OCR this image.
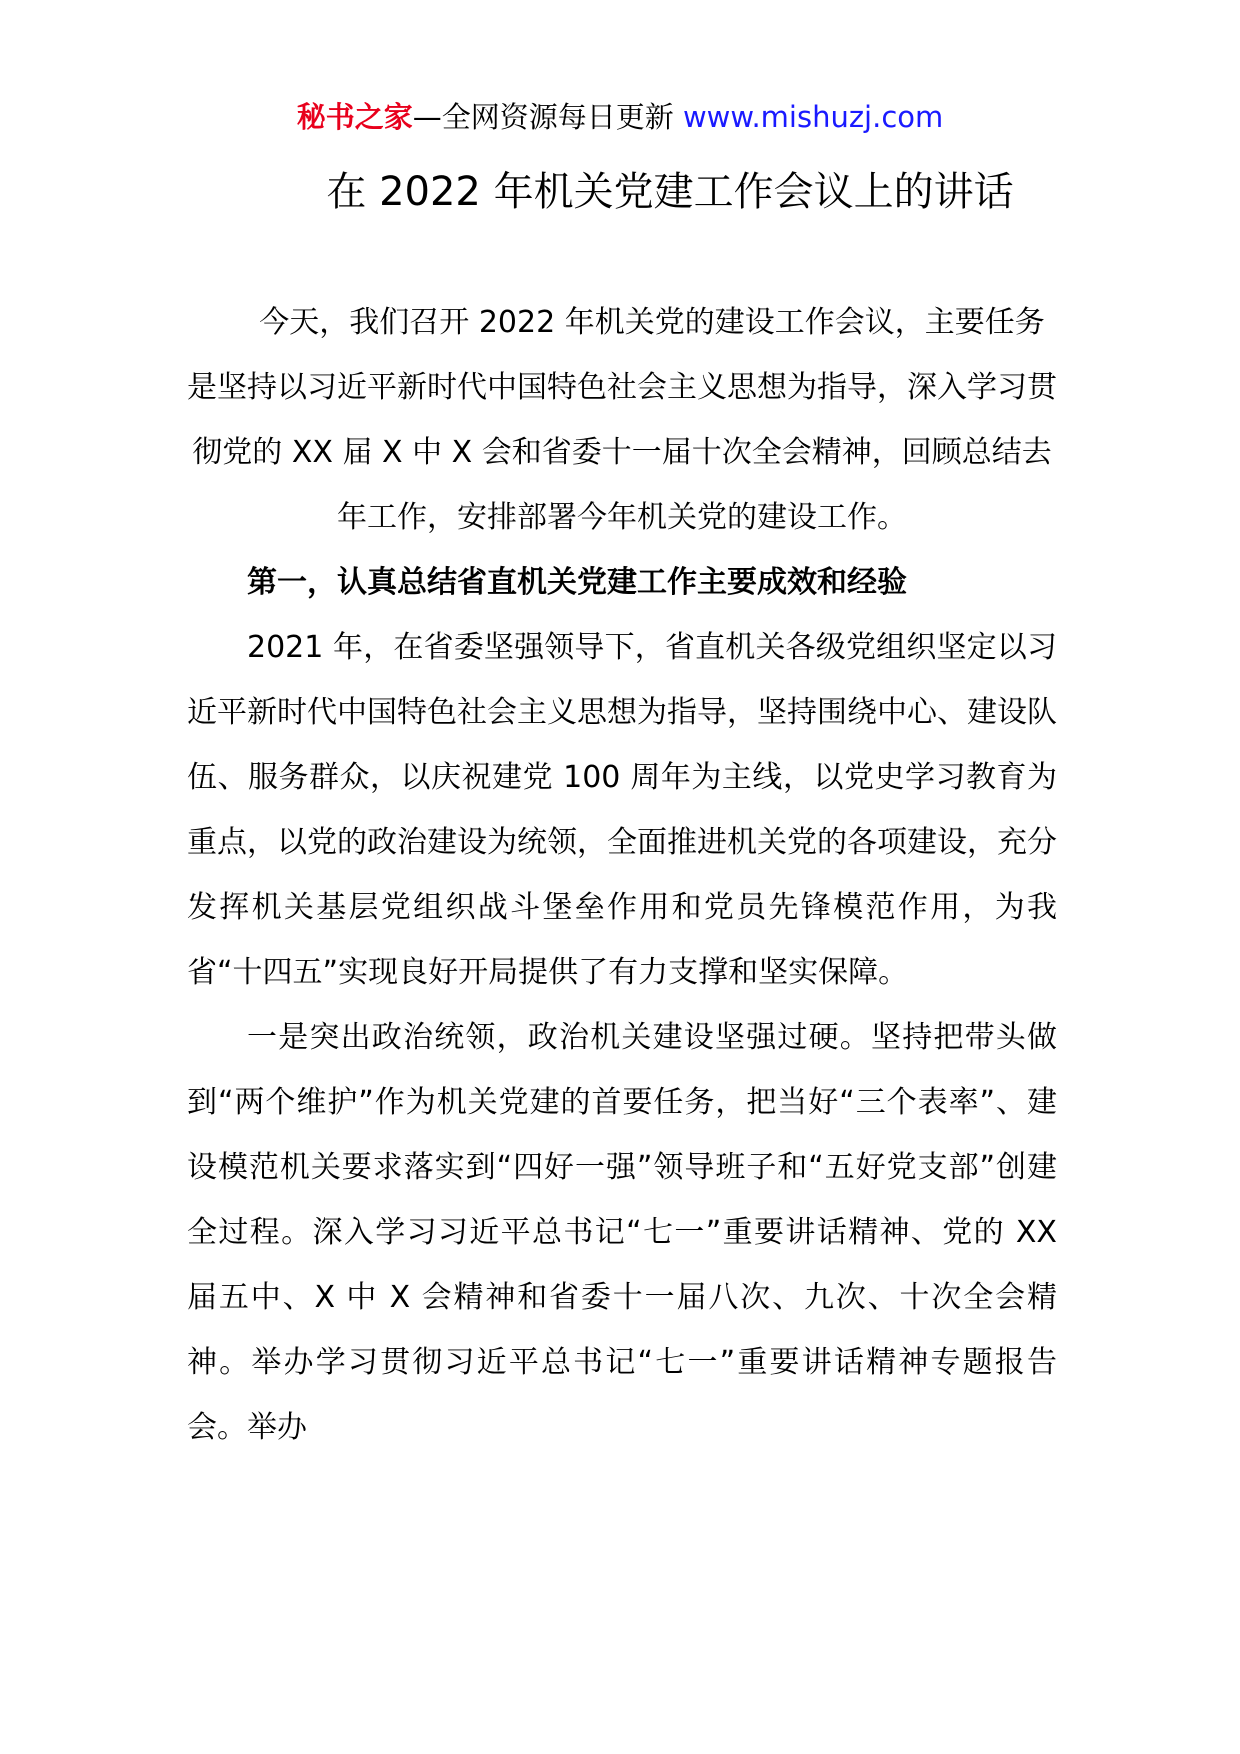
秘书之家—全网资源每日更新 www.mishuzj.com
在 2022 年机关党建工作会议上的讲话

今天，我们召开 2022 年机关党的建设工作会议，主要任务是坚持以习近平新时代中国特色社会主义思想为指导，深入学习贯彻党的 XX 届 X 中 X 会和省委十一届十次全会精神，回顾总结去年工作，安排部署今年机关党的建设工作。

第一，认真总结省直机关党建工作主要成效和经验

2021 年，在省委坚强领导下，省直机关各级党组织坚定以习近平新时代中国特色社会主义思想为指导，坚持围绕中心、建设队伍、服务群众，以庆祝建党 100 周年为主线，以党史学习教育为重点，以党的政治建设为统领，全面推进机关党的各项建设，充分发挥机关基层党组织战斗堡垒作用和党员先锋模范作用，为我省“十四五”实现良好开局提供了有力支撑和坚实保障。

一是突出政治统领，政治机关建设坚强过硬。坚持把带头做到“两个维护”作为机关党建的首要任务，把当好“三个表率”、建设模范机关要求落实到“四好一强”领导班子和“五好党支部”创建全过程。深入学习习近平总书记“七一”重要讲话精神、党的 XX 届五中、X 中 X 会精神和省委十一届八次、九次、十次全会精神。举办学习贯彻习近平总书记“七一”重要讲话精神专题报告会。举办
